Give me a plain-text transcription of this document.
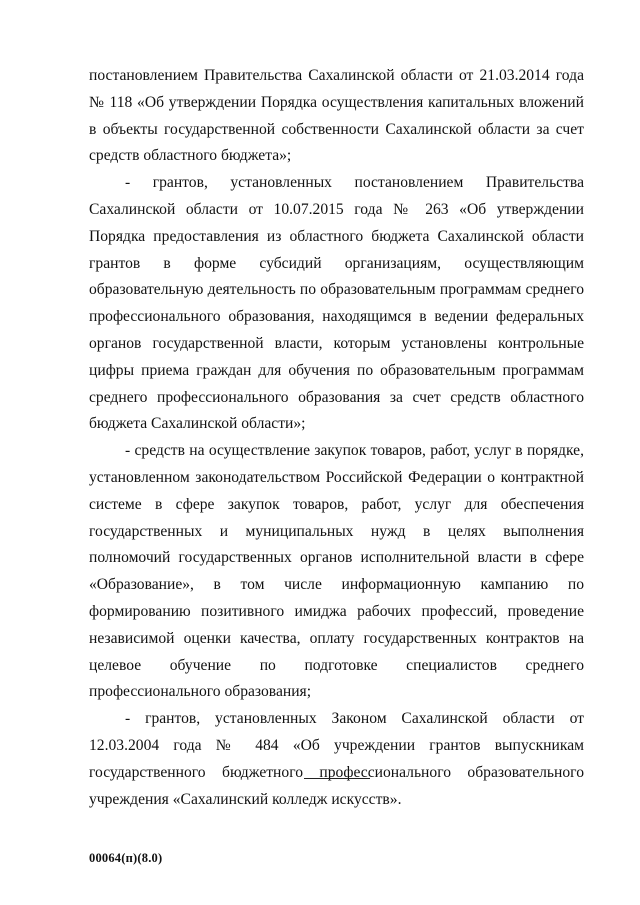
постановлением Правительства Сахалинской области от 21.03.2014 года № 118 «Об утверждении Порядка осуществления капитальных вложений в объекты государственной собственности Сахалинской области за счет средств областного бюджета»;

- грантов, установленных постановлением Правительства Сахалинской области от 10.07.2015 года № 263 «Об утверждении Порядка предоставления из областного бюджета Сахалинской области грантов в форме субсидий организациям, осуществляющим образовательную деятельность по образовательным программам среднего профессионального образования, находящимся в ведении федеральных органов государственной власти, которым установлены контрольные цифры приема граждан для обучения по образовательным программам среднего профессионального образования за счет средств областного бюджета Сахалинской области»;

- средств на осуществление закупок товаров, работ, услуг в порядке, установленном законодательством Российской Федерации о контрактной системе в сфере закупок товаров, работ, услуг для обеспечения государственных и муниципальных нужд в целях выполнения полномочий государственных органов исполнительной власти в сфере «Образование», в том числе информационную кампанию по формированию позитивного имиджа рабочих профессий, проведение независимой оценки качества, оплату государственных контрактов на целевое обучение по подготовке специалистов среднего профессионального образования;

- грантов, установленных Законом Сахалинской области от 12.03.2004 года № 484 «Об учреждении грантов выпускникам государственного бюджетного профессионального образовательного учреждения «Сахалинский колледж искусств».

00064(п)(8.0)
